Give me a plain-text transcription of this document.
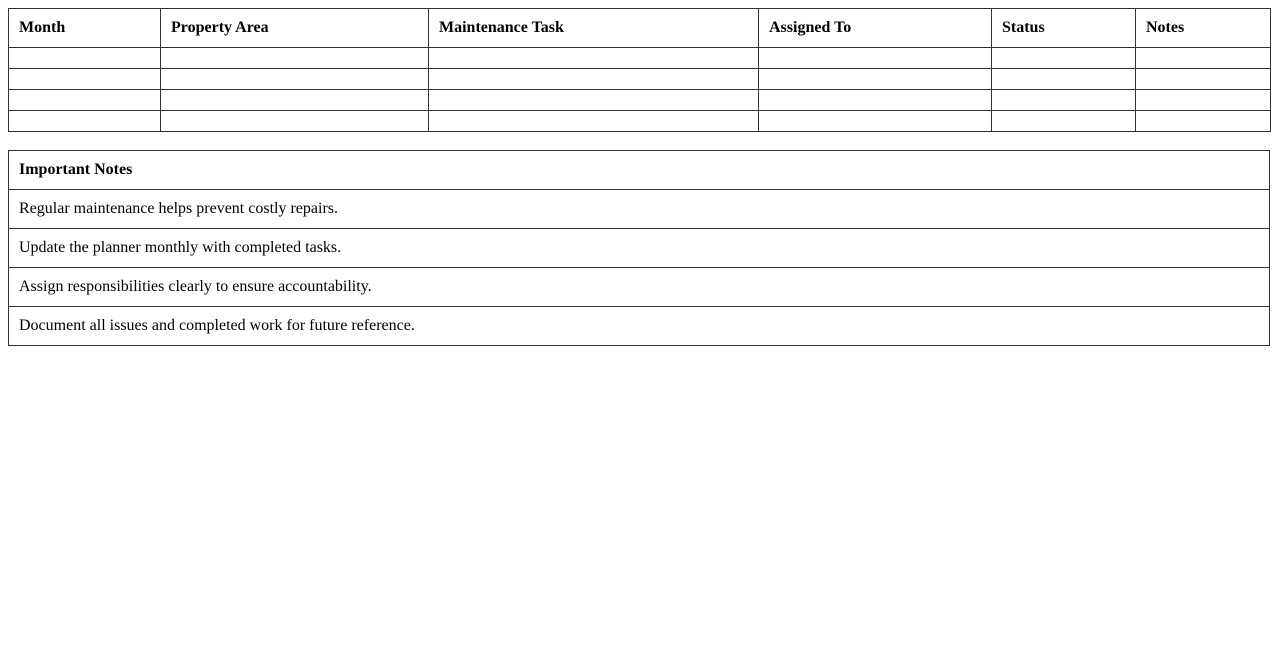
Month	Property Area	Maintenance Task	Assigned To	Status	Notes

Important Notes
Regular maintenance helps prevent costly repairs.
Update the planner monthly with completed tasks.
Assign responsibilities clearly to ensure accountability.
Document all issues and completed work for future reference.
